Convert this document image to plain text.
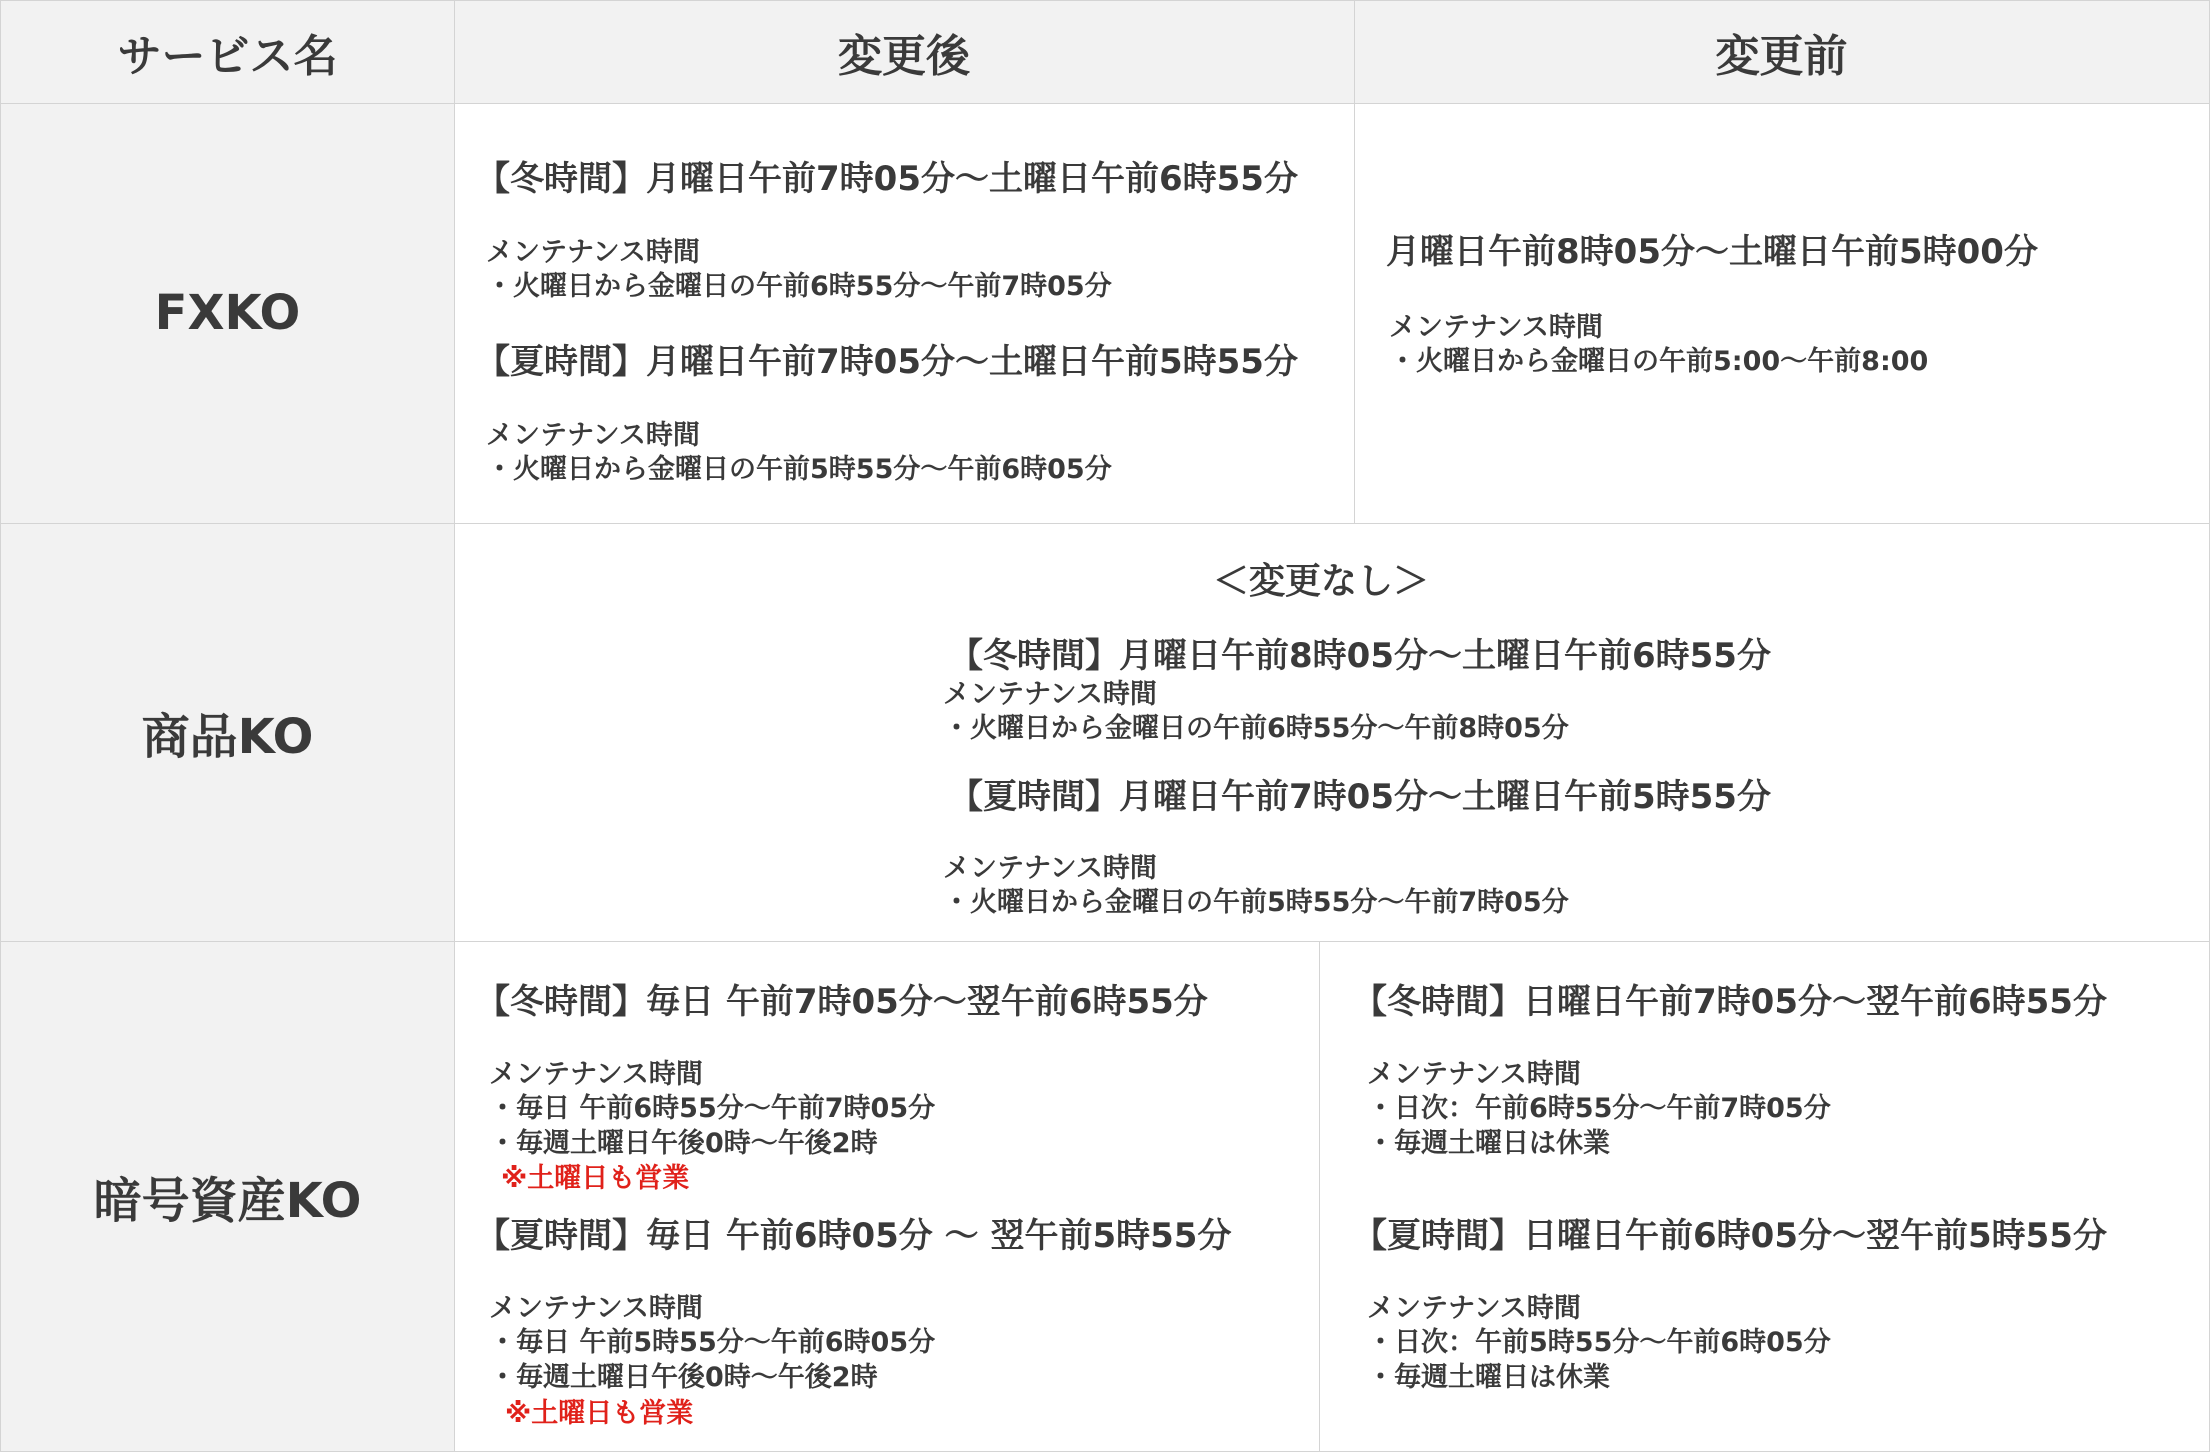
サービス名	変更後	変更前
FXKO
商品KO
暗号資産KO
【冬時間】月曜日午前7時05分～土曜日午前6時55分
メンテナンス時間
・火曜日から金曜日の午前6時55分～午前7時05分
【夏時間】月曜日午前7時05分～土曜日午前5時55分
メンテナンス時間
・火曜日から金曜日の午前5時55分～午前6時05分
月曜日午前8時05分～土曜日午前5時00分
メンテナンス時間
・火曜日から金曜日の午前5:00～午前8:00
＜変更なし＞
【冬時間】月曜日午前8時05分～土曜日午前6時55分
メンテナンス時間
・火曜日から金曜日の午前6時55分～午前8時05分
【夏時間】月曜日午前7時05分～土曜日午前5時55分
メンテナンス時間
・火曜日から金曜日の午前5時55分～午前7時05分
【冬時間】毎日 午前7時05分～翌午前6時55分
メンテナンス時間
・毎日 午前6時55分～午前7時05分
・毎週土曜日午後0時～午後2時
※土曜日も営業
【夏時間】毎日 午前6時05分 ～ 翌午前5時55分
メンテナンス時間
・毎日 午前5時55分～午前6時05分
・毎週土曜日午後0時～午後2時
※土曜日も営業
【冬時間】日曜日午前7時05分～翌午前6時55分
メンテナンス時間
・日次：午前6時55分～午前7時05分
・毎週土曜日は休業
【夏時間】日曜日午前6時05分～翌午前5時55分
メンテナンス時間
・日次：午前5時55分～午前6時05分
・毎週土曜日は休業
